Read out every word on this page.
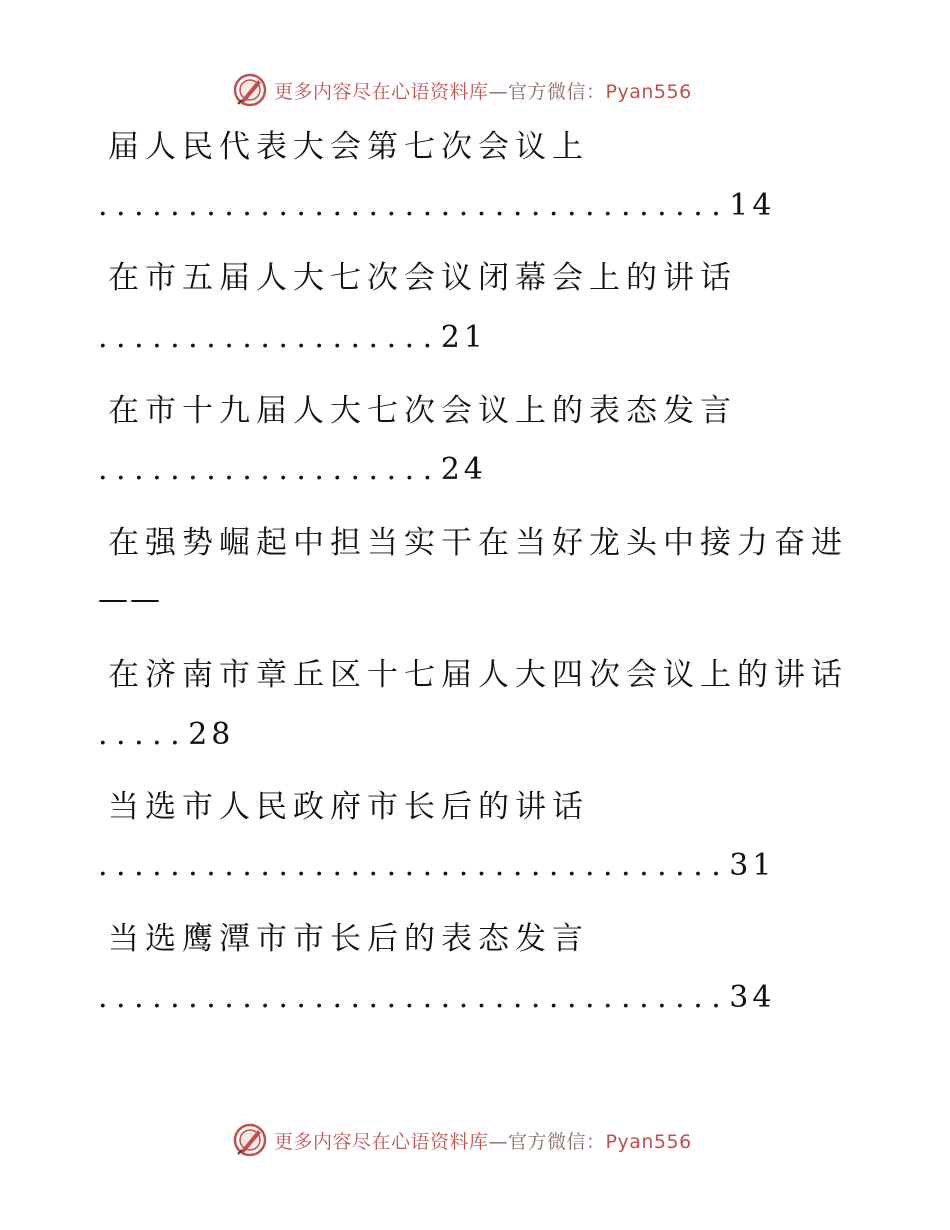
更多内容尽在心语资料库—官方微信：Pyan556
届人民代表大会第七次会议上
...................................14
在市五届人大七次会议闭幕会上的讲话
...................21
在市十九届人大七次会议上的表态发言
...................24
在强势崛起中担当实干在当好龙头中接力奋进
——
在济南市章丘区十七届人大四次会议上的讲话
.....28
当选市人民政府市长后的讲话
...................................31
当选鹰潭市市长后的表态发言
...................................34
更多内容尽在心语资料库—官方微信：Pyan556
